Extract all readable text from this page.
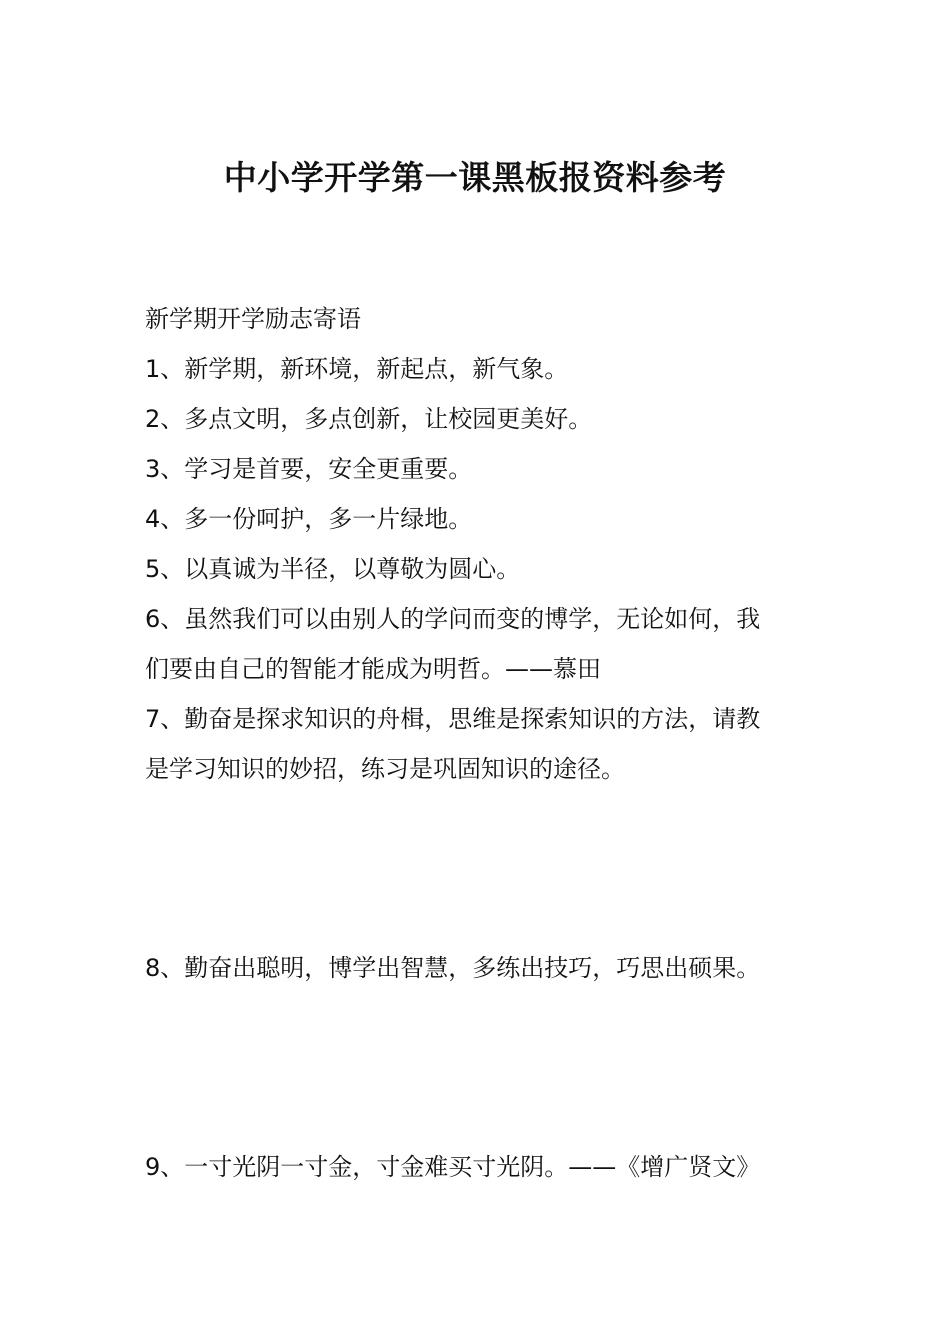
中小学开学第一课黑板报资料参考
新学期开学励志寄语
1、新学期，新环境，新起点，新气象。
2、多点文明，多点创新，让校园更美好。
3、学习是首要，安全更重要。
4、多一份呵护，多一片绿地。
5、以真诚为半径，以尊敬为圆心。
6、虽然我们可以由别人的学问而变的博学，无论如何，我
们要由自己的智能才能成为明哲。——慕田
7、勤奋是探求知识的舟楫，思维是探索知识的方法，请教
是学习知识的妙招，练习是巩固知识的途径。
8、勤奋出聪明，博学出智慧，多练出技巧，巧思出硕果。
9、一寸光阴一寸金，寸金难买寸光阴。——《增广贤文》
